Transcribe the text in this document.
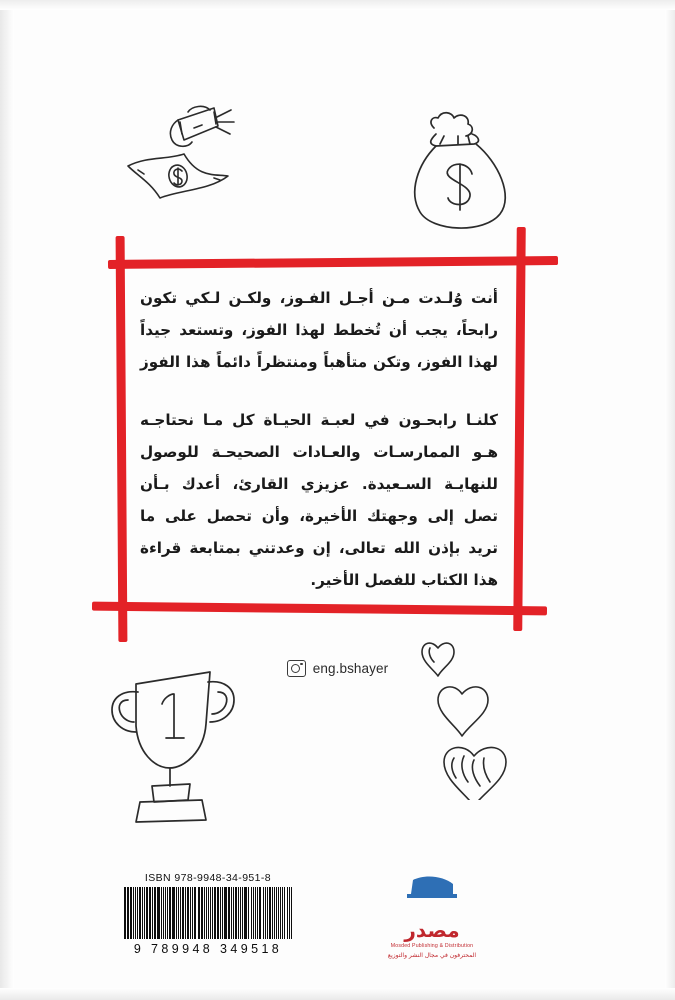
أنت وُلـدت مـن أجـل الفـوز، ولكـن لـكي تكون رابحاً، يجب أن تُخطط لهذا الفوز، وتستعد جيداً لهذا الفوز، وتكن متأهباً ومنتظراً دائماً هذا الفوز

كلنـا رابحـون في لعبـة الحيـاة كل مـا نحتاجـه هـو الممارسـات والعـادات الصحيحـة للوصول للنهايـة السـعيدة. عزيزي القارئ، أعدك بـأن تصل إلى وجهتك الأخيرة، وأن تحصل على ما تريد بإذن الله تعالى، إن وعدتني بمتابعة قراءة هذا الكتاب للفصل الأخير.

eng.bshayer
ISBN 978-9948-34-951-8
9 789948 349518
مصدر
Mosded Publishing & Distribution
المحترفون في مجال النشر والتوزيع
